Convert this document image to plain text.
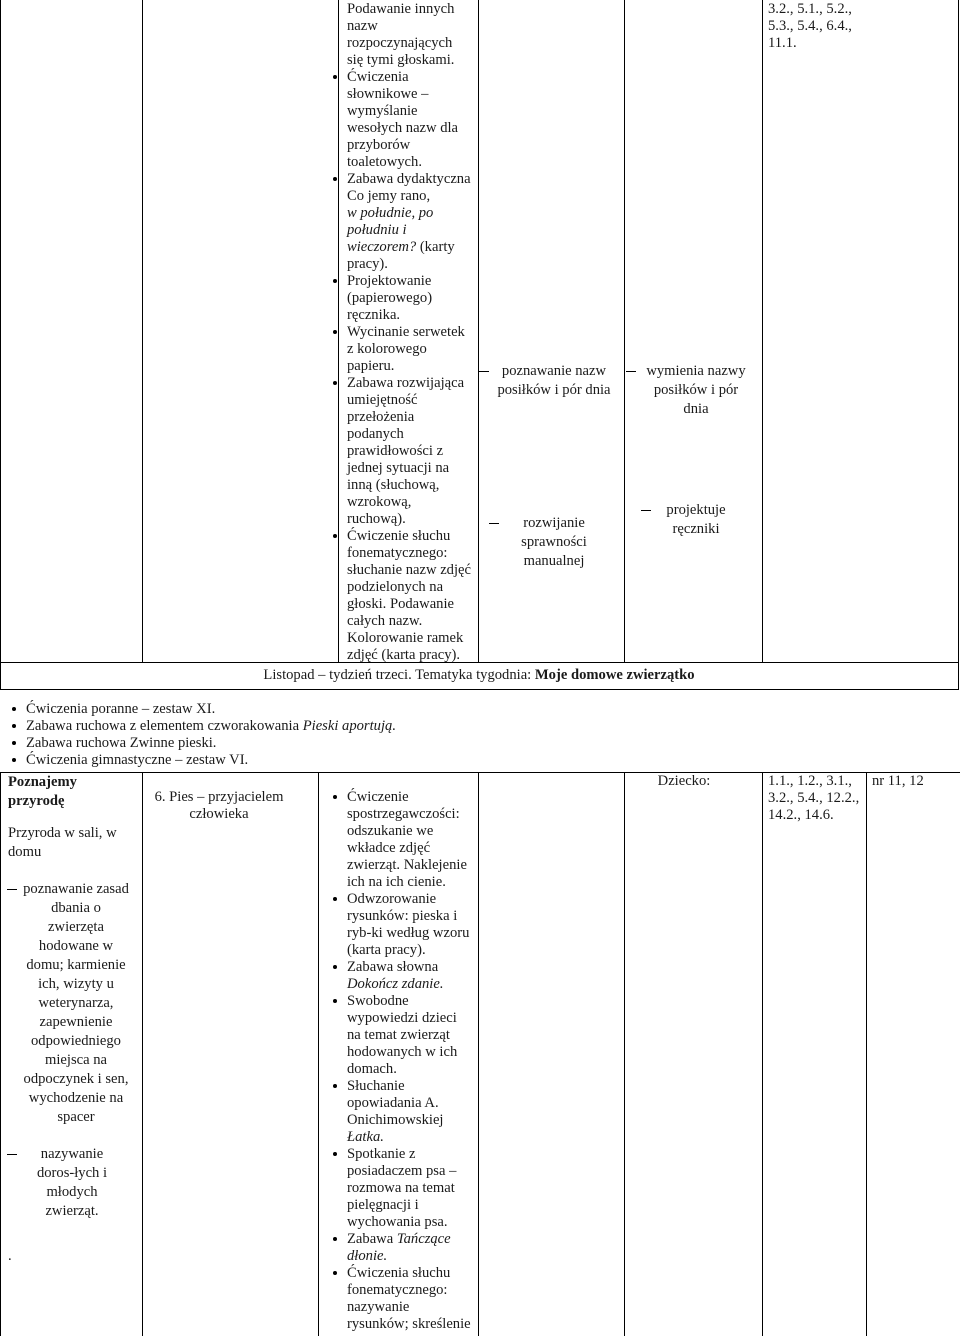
Podawanie innych
nazw
rozpoczynających
się tymi głoskami.
Ćwiczenia
słownikowe –
wymyślanie
wesołych nazw dla
przyborów
toaletowych.
Zabawa dydaktyczna
Co jemy rano,
w południe, po
południu i
wieczorem? (karty
pracy).
Projektowanie
(papierowego)
ręcznika.
Wycinanie serwetek
z kolorowego
papieru.
Zabawa rozwijająca
umiejętność
przełożenia
podanych
prawidłowości z
jednej sytuacji na
inną (słuchową,
wzrokową,
ruchową).
Ćwiczenie słuchu
fonematycznego:
słuchanie nazw zdjęć
podzielonych na
głoski. Podawanie
całych nazw.
Kolorowanie ramek
zdjęć (karta pracy).
poznawanie nazw posiłków i pór dnia
rozwijanie sprawności manualnej
wymienia nazwy posiłków i pór dnia
projektuje ręczniki
3.2., 5.1., 5.2., 5.3., 5.4., 6.4., 11.1.
Listopad – tydzień trzeci. Tematyka tygodnia: Moje domowe zwierzątko
Ćwiczenia poranne – zestaw XI.
Zabawa ruchowa z elementem czworakowania Pieski aportują.
Zabawa ruchowa Zwinne pieski.
Ćwiczenia gimnastyczne – zestaw VI.
Poznajemy przyrodę
Przyroda w sali, w domu
poznawanie zasad dbania o zwierzęta hodowane w domu; karmienie ich, wizyty u weterynarza, zapewnienie odpowiedniego miejsca na odpoczynek i sen, wychodzenie na spacer
nazywanie doros-łych i młodych zwierząt.
.
6. Pies – przyjacielem człowieka
Ćwiczenie spostrzegawczości: odszukanie we wkładce zdjęć zwierząt. Naklejenie ich na ich cienie.
Odwzorowanie rysunków: pieska i ryb-ki według wzoru (karta pracy).
Zabawa słowna Dokończ zdanie.
Swobodne wypowiedzi dzieci na temat zwierząt hodowanych w ich domach.
Słuchanie opowiadania A. Onichimowskiej Łatka.
Spotkanie z posiadaczem psa – rozmowa na temat pielęgnacji i wychowania psa.
Zabawa Tańczące dłonie.
Ćwiczenia słuchu fonematycznego: nazywanie rysunków; skreślenie
Dziecko:	1.1., 1.2., 3.1., 3.2., 5.4., 12.2., 14.2., 14.6.
nr 11, 12
